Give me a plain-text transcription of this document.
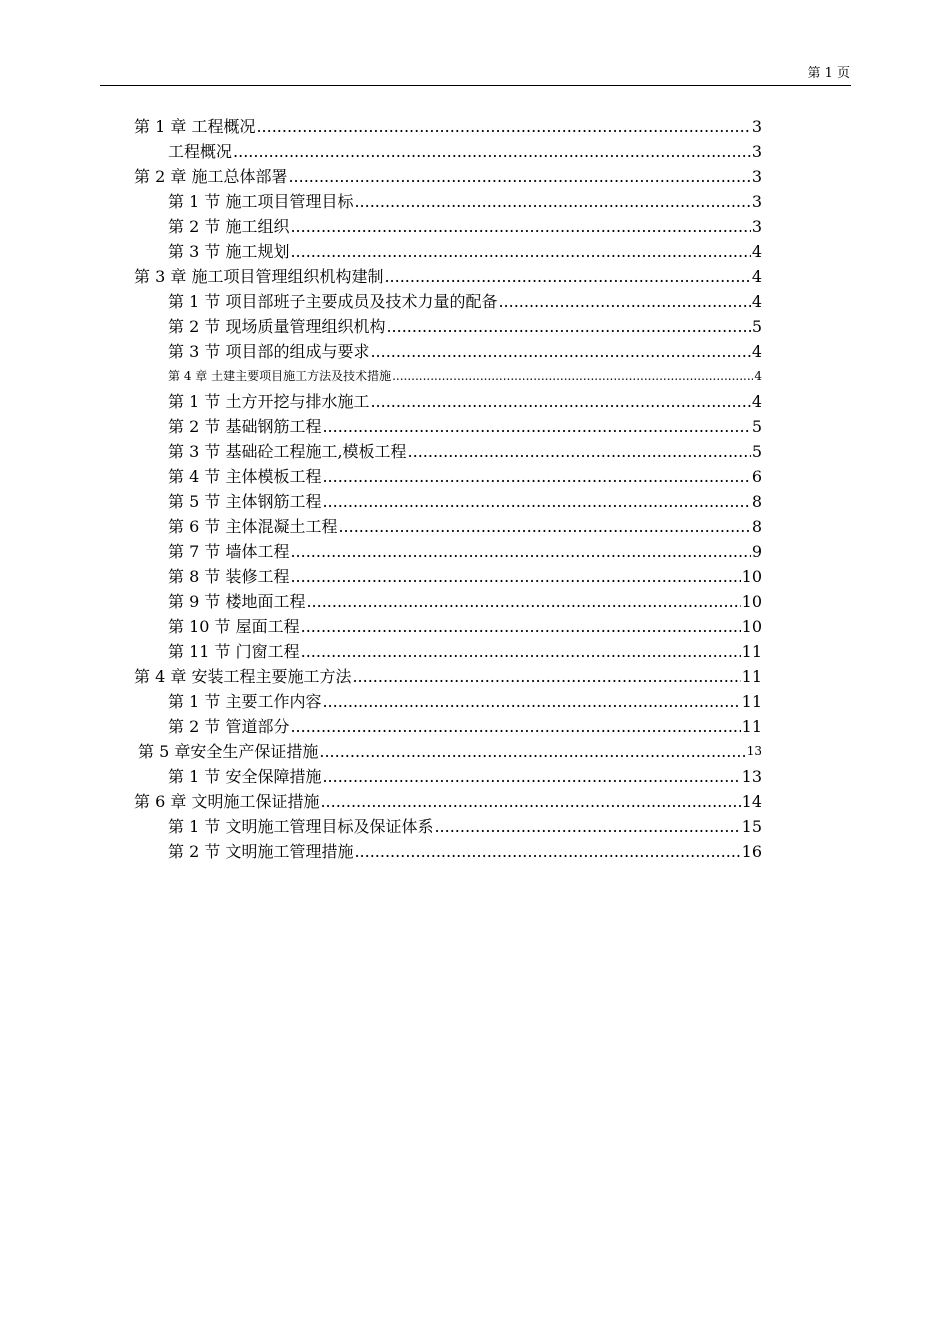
第 1 页
第 1 章 工程概况 .....	3
工程概况 .....	3
第 2 章 施工总体部署 .....	3
第 1 节 施工项目管理目标 .....	3
第 2 节 施工组织 .....	3
第 3 节 施工规划 .....	4
第 3 章 施工项目管理组织机构建制 .....	4
第 1 节 项目部班子主要成员及技术力量的配备 .....	4
第 2 节 现场质量管理组织机构 .....	5
第 3 节 项目部的组成与要求 .....	4
第 4 章 土建主要项目施工方法及技术措施 .....	4
第 1 节 土方开挖与排水施工 .....	4
第 2 节 基础钢筋工程 .....	5
第 3 节 基础砼工程施工,模板工程 .....	5
第 4 节 主体模板工程 .....	6
第 5 节 主体钢筋工程 .....	8
第 6 节 主体混凝土工程 .....	8
第 7 节 墙体工程 .....	9
第 8 节 装修工程 .....	10
第 9 节 楼地面工程 .....	10
第 10 节 屋面工程 .....	10
第 11 节 门窗工程 .....	11
第 4 章 安装工程主要施工方法 .....	11
第 1 节 主要工作内容 .....	11
第 2 节 管道部分 .....	11
第 5 章安全生产保证措施 .....	13
第 1 节 安全保障措施 .....	13
第 6 章 文明施工保证措施 .....	14
第 1 节 文明施工管理目标及保证体系 .....	15
第 2 节 文明施工管理措施 .....	16
